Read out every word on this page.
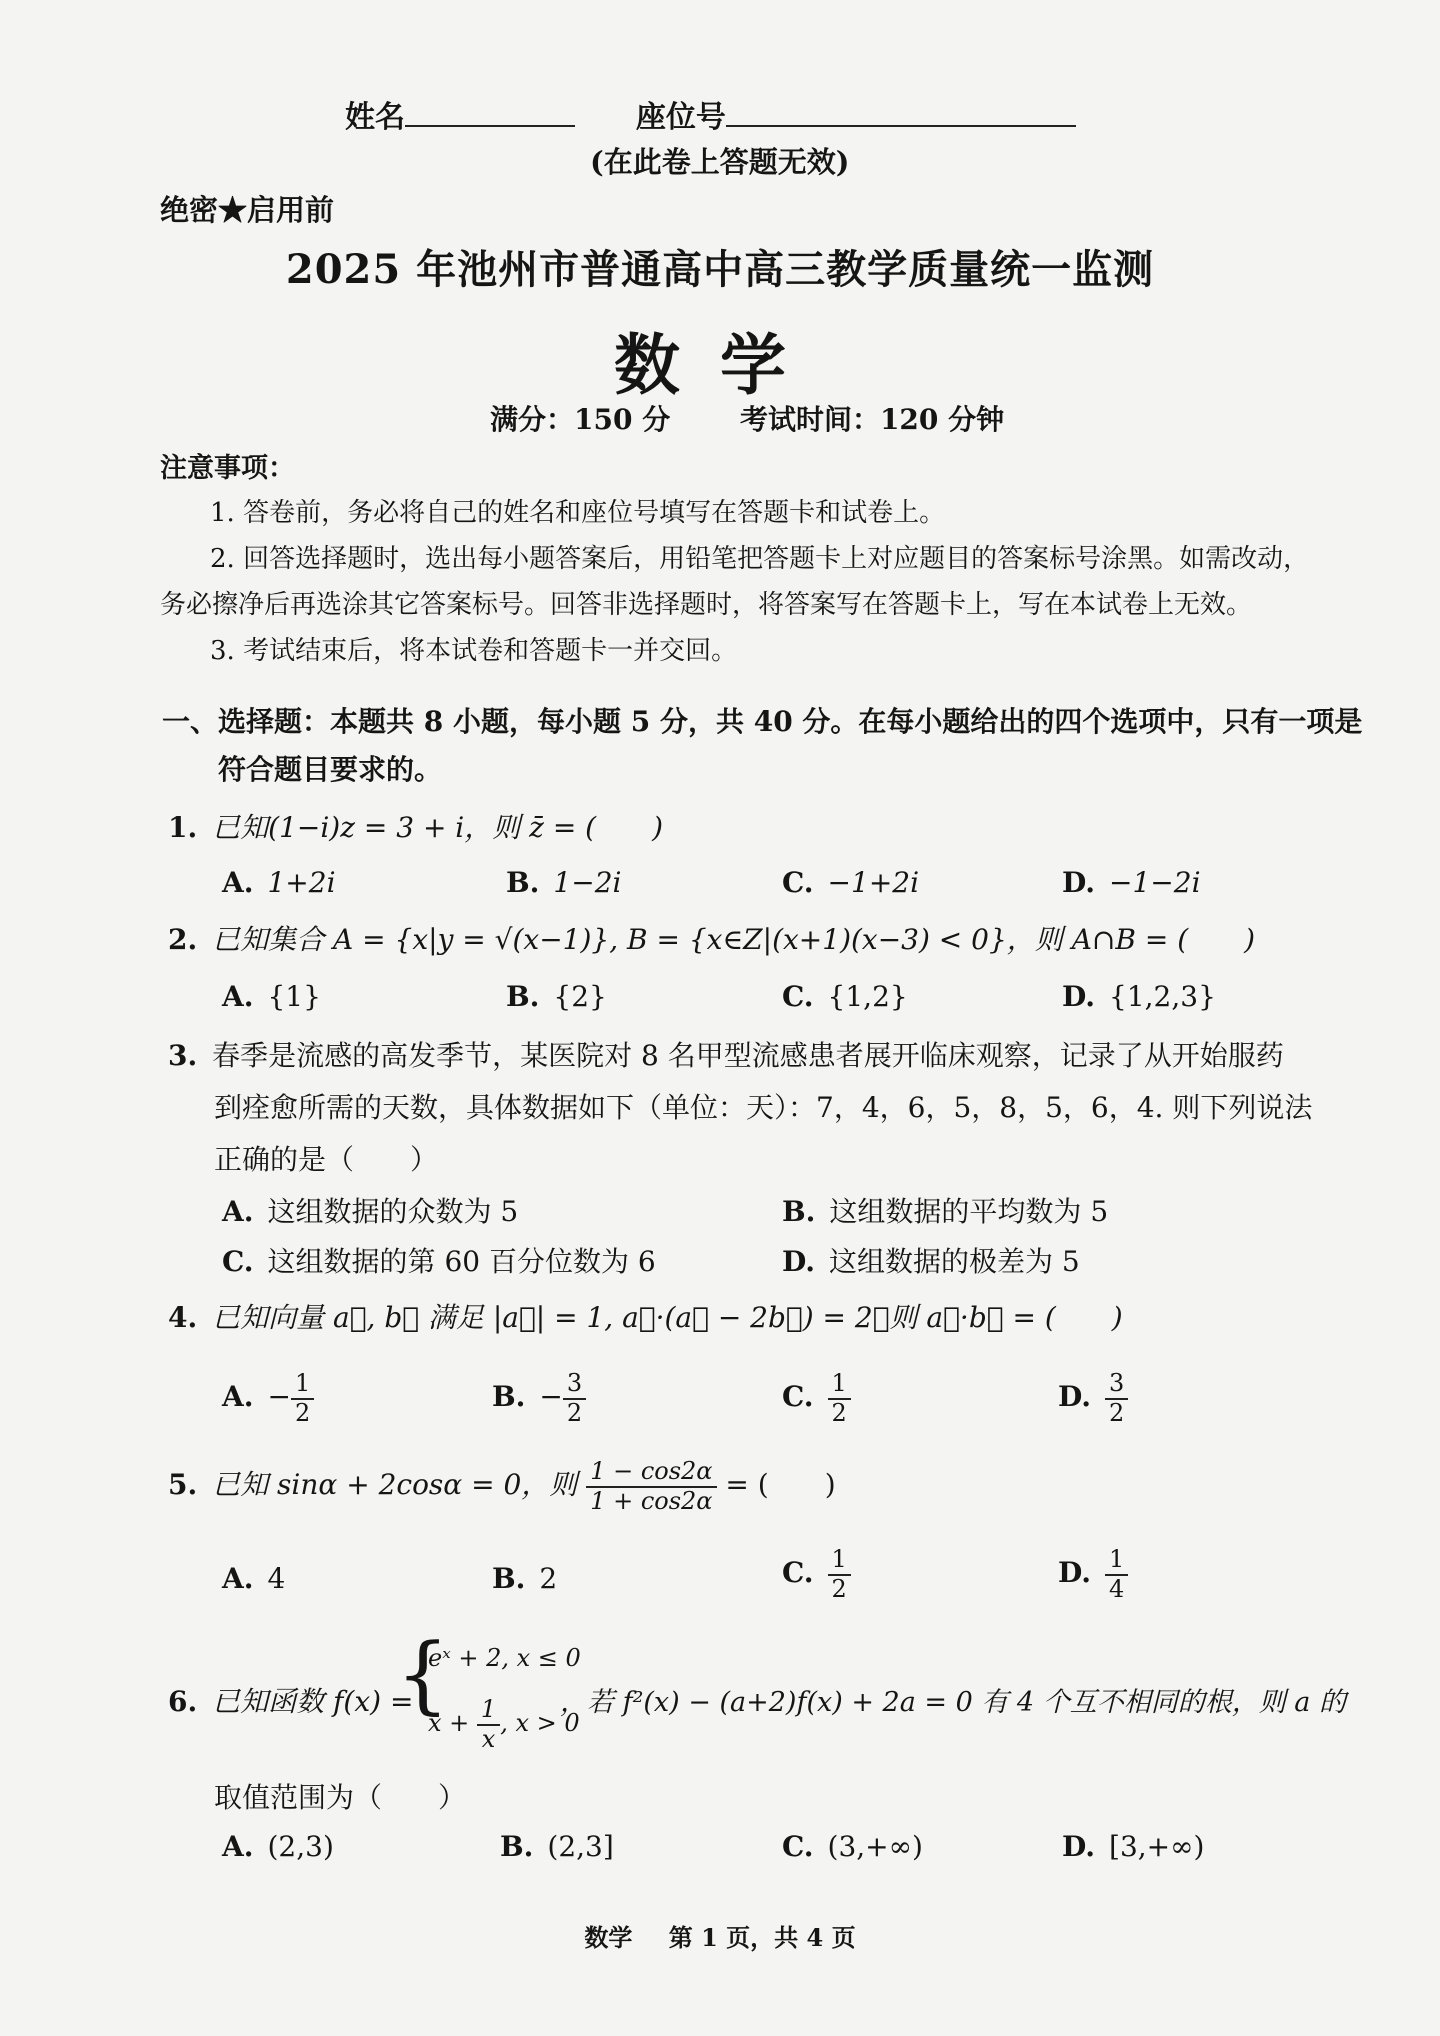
姓名	座位号
(在此卷上答题无效)
绝密★启用前
2025 年池州市普通高中高三教学质量统一监测
数学
满分：150 分 考试时间：120 分钟
注意事项：
1. 答卷前，务必将自己的姓名和座位号填写在答题卡和试卷上。
2. 回答选择题时，选出每小题答案后，用铅笔把答题卡上对应题目的答案标号涂黑。如需改动，
务必擦净后再选涂其它答案标号。回答非选择题时，将答案写在答题卡上，写在本试卷上无效。
3. 考试结束后，将本试卷和答题卡一并交回。
一、选择题：本题共 8 小题，每小题 5 分，共 40 分。在每小题给出的四个选项中，只有一项是
符合题目要求的。
1. 已知(1−i)z = 3 + i，则 z̄ = (　　)
A. 1+2i	B. 1−2i	C. −1+2i	D. −1−2i
2. 已知集合 A = {x|y = √(x−1)}, B = {x∈Z|(x+1)(x−3) < 0}，则 A∩B = (　　)
A. {1}	B. {2}	C. {1,2}	D. {1,2,3}
3. 春季是流感的高发季节，某医院对 8 名甲型流感患者展开临床观察，记录了从开始服药
到痊愈所需的天数，具体数据如下（单位：天）：7，4，6，5，8，5，6，4. 则下列说法
正确的是（　　）
A. 这组数据的众数为 5	B. 这组数据的平均数为 5
C. 这组数据的第 60 百分位数为 6	D. 这组数据的极差为 5
4. 已知向量 a⃗, b⃗ 满足 |a⃗| = 1, a⃗·(a⃗ − 2b⃗) = 2，则 a⃗·b⃗ = (　　)
A. − $\frac{1}{2}$	B. − $\frac{3}{2}$	C. $\frac{1}{2}$	D. $\frac{3}{2}$
5. 已知 sinα + 2cosα = 0，则 $\frac{1 - \cos 2\alpha}{1 + \cos 2\alpha}$ = (　　)
A. 4	B. 2	C. $\frac{1}{2}$	D. $\frac{1}{4}$
6. 已知函数 f(x) =
{
eˣ + 2, x ≤ 0
$x + \frac{1}{x}$ , x > 0
，若 f²(x) − (a+2)f(x) + 2a = 0 有 4 个互不相同的根，则 a 的
取值范围为（　　）
A. (2,3)	B. (2,3]	C. (3,+∞)	D. [3,+∞)
数学 第 1 页，共 4 页
